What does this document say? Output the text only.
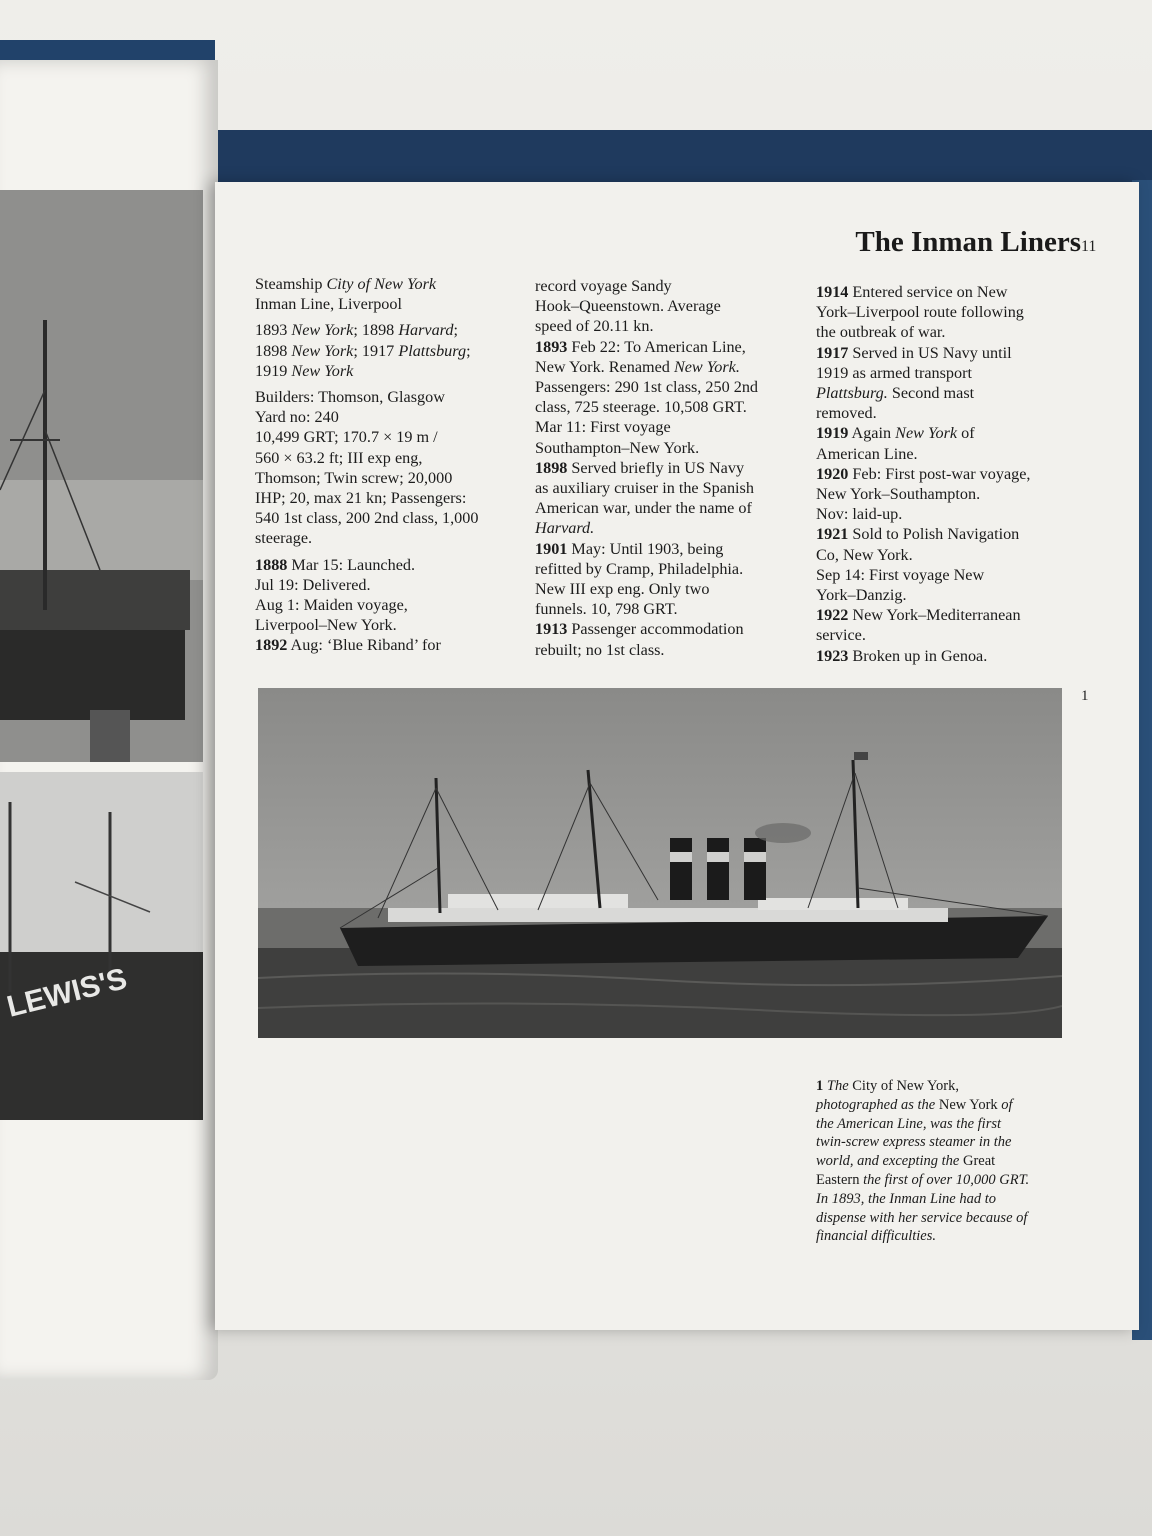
LEWIS'S
The Inman Liners 11

Steamship City of New York
Inman Line, Liverpool

1893 New York; 1898 Harvard;
1898 New York; 1917 Plattsburg;
1919 New York

Builders: Thomson, Glasgow
Yard no: 240
10,499 GRT; 170.7 × 19 m /
560 × 63.2 ft; III exp eng,
Thomson; Twin screw; 20,000
IHP; 20, max 21 kn; Passengers:
540 1st class, 200 2nd class, 1,000
steerage.

1888 Mar 15: Launched.
Jul 19: Delivered.
Aug 1: Maiden voyage,
Liverpool–New York.
1892 Aug: ‘Blue Riband’ for

record voyage Sandy
Hook–Queenstown. Average
speed of 20.11 kn.
1893 Feb 22: To American Line,
New York. Renamed New York.
Passengers: 290 1st class, 250 2nd
class, 725 steerage. 10,508 GRT.
Mar 11: First voyage
Southampton–New York.
1898 Served briefly in US Navy
as auxiliary cruiser in the Spanish
American war, under the name of
Harvard.
1901 May: Until 1903, being
refitted by Cramp, Philadelphia.
New III exp eng. Only two
funnels. 10, 798 GRT.
1913 Passenger accommodation
rebuilt; no 1st class.
1914 Entered service on New
York–Liverpool route following
the outbreak of war.
1917 Served in US Navy until
1919 as armed transport
Plattsburg. Second mast
removed.
1919 Again New York of
American Line.
1920 Feb: First post-war voyage,
New York–Southampton.
Nov: laid-up.
1921 Sold to Polish Navigation
Co, New York.
Sep 14: First voyage New
York–Danzig.
1922 New York–Mediterranean
service.
1923 Broken up in Genoa.
1
1 The City of New York,
photographed as the New York of
the American Line, was the first
twin-screw express steamer in the
world, and excepting the Great
Eastern the first of over 10,000 GRT.
In 1893, the Inman Line had to
dispense with her service because of
financial difficulties.
